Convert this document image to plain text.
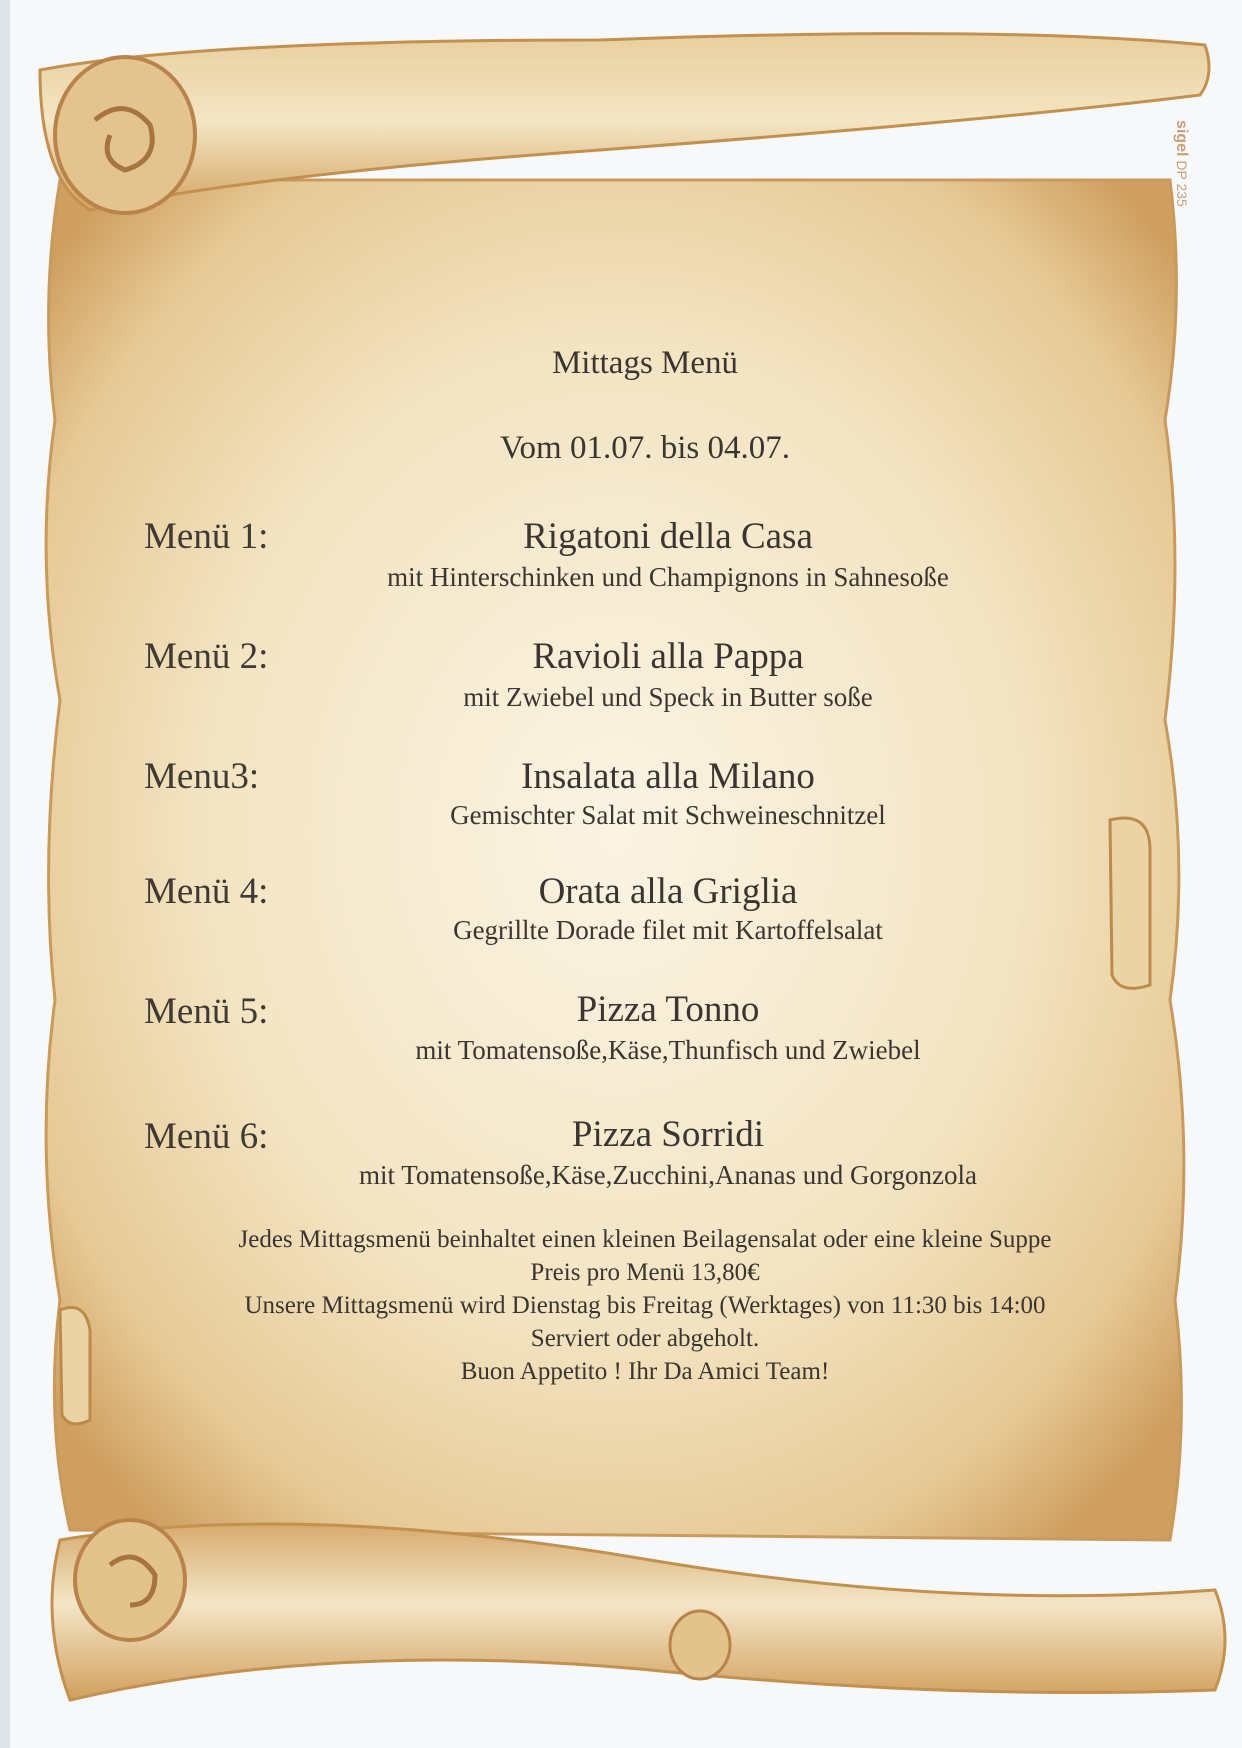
sigel DP 235
Mittags Menü
Vom 01.07. bis 04.07.
Menü 1:	Rigatoni della Casa
mit Hinterschinken und Champignons in Sahnesoße
Menü 2:	Ravioli alla Pappa
mit Zwiebel und Speck in Butter soße
Menu3:	Insalata alla Milano
Gemischter Salat mit Schweineschnitzel
Menü 4:	Orata alla Griglia
Gegrillte Dorade filet mit Kartoffelsalat
Menü 5:	Pizza Tonno
mit Tomatensoße,Käse,Thunfisch und Zwiebel
Menü 6:	Pizza Sorridi
mit Tomatensoße,Käse,Zucchini,Ananas und Gorgonzola
Jedes Mittagsmenü beinhaltet einen kleinen Beilagensalat oder eine kleine Suppe
Preis pro Menü 13,80€
Unsere Mittagsmenü wird Dienstag bis Freitag (Werktages) von 11:30 bis 14:00
Serviert oder abgeholt.
Buon Appetito ! Ihr Da Amici Team!
